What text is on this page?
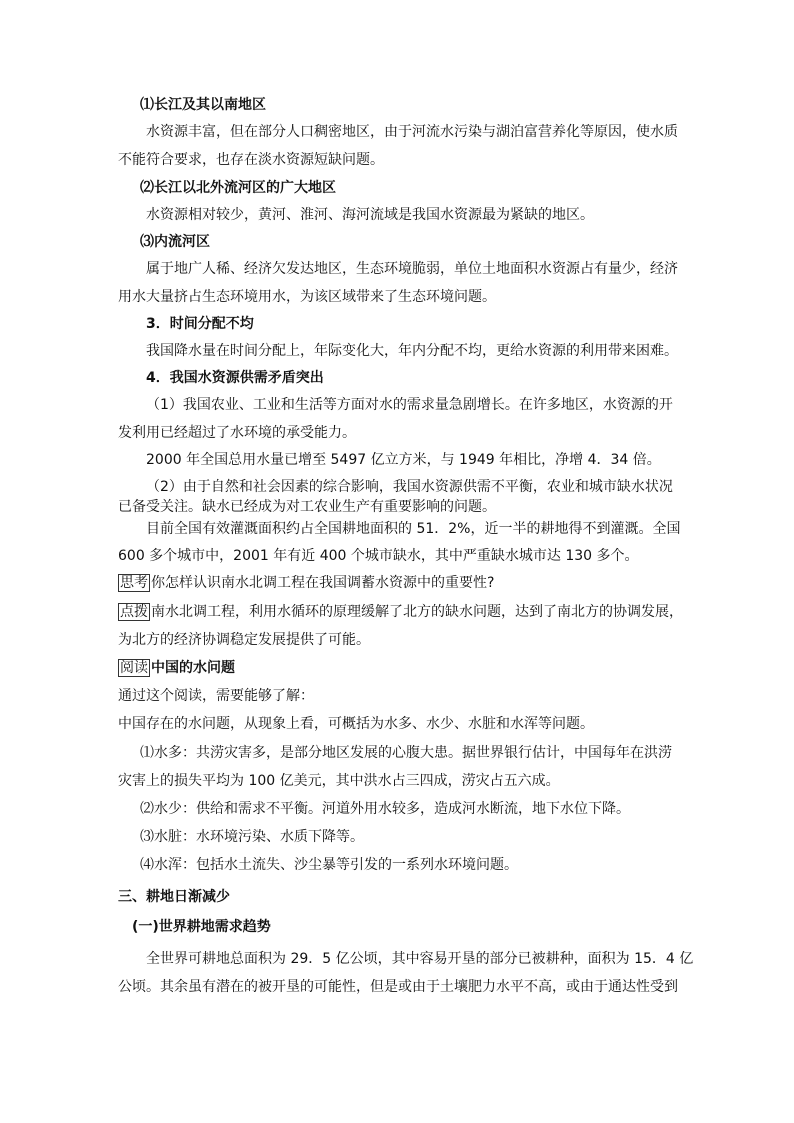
⑴长江及其以南地区
水资源丰富，但在部分人口稠密地区，由于河流水污染与湖泊富营养化等原因，使水质
不能符合要求，也存在淡水资源短缺问题。
⑵长江以北外流河区的广大地区
水资源相对较少，黄河、淮河、海河流域是我国水资源最为紧缺的地区。
⑶内流河区
属于地广人稀、经济欠发达地区，生态环境脆弱，单位土地面积水资源占有量少，经济
用水大量挤占生态环境用水，为该区域带来了生态环境问题。
3．时间分配不均
我国降水量在时间分配上，年际变化大，年内分配不均，更给水资源的利用带来困难。
4．我国水资源供需矛盾突出
（1）我国农业、工业和生活等方面对水的需求量急剧增长。在许多地区，水资源的开
发利用已经超过了水环境的承受能力。
2000 年全国总用水量已增至 5497 亿立方米，与 1949 年相比，净增 4．34 倍。
（2）由于自然和社会因素的综合影响，我国水资源供需不平衡，农业和城市缺水状况
已备受关注。缺水已经成为对工农业生产有重要影响的问题。
目前全国有效灌溉面积约占全国耕地面积的 51．2%，近一半的耕地得不到灌溉。全国
600 多个城市中，2001 年有近 400 个城市缺水，其中严重缺水城市达 130 多个。
思考 你怎样认识南水北调工程在我国调蓄水资源中的重要性?
点拨 南水北调工程，利用水循环的原理缓解了北方的缺水问题，达到了南北方的协调发展，
为北方的经济协调稳定发展提供了可能。
阅读 中国的水问题
通过这个阅读，需要能够了解：
中国存在的水问题，从现象上看，可概括为水多、水少、水脏和水浑等问题。
⑴水多：共涝灾害多，是部分地区发展的心腹大患。据世界银行估计，中国每年在洪涝
灾害上的损失平均为 100 亿美元，其中洪水占三四成，涝灾占五六成。
⑵水少：供给和需求不平衡。河道外用水较多，造成河水断流，地下水位下降。
⑶水脏：水环境污染、水质下降等。
⑷水浑：包括水土流失、沙尘暴等引发的一系列水环境问题。
三、耕地日渐减少
(一)世界耕地需求趋势
全世界可耕地总面积为 29．5 亿公顷，其中容易开垦的部分已被耕种，面积为 15．4 亿
公顷。其余虽有潜在的被开垦的可能性，但是或由于土壤肥力水平不高，或由于通达性受到
